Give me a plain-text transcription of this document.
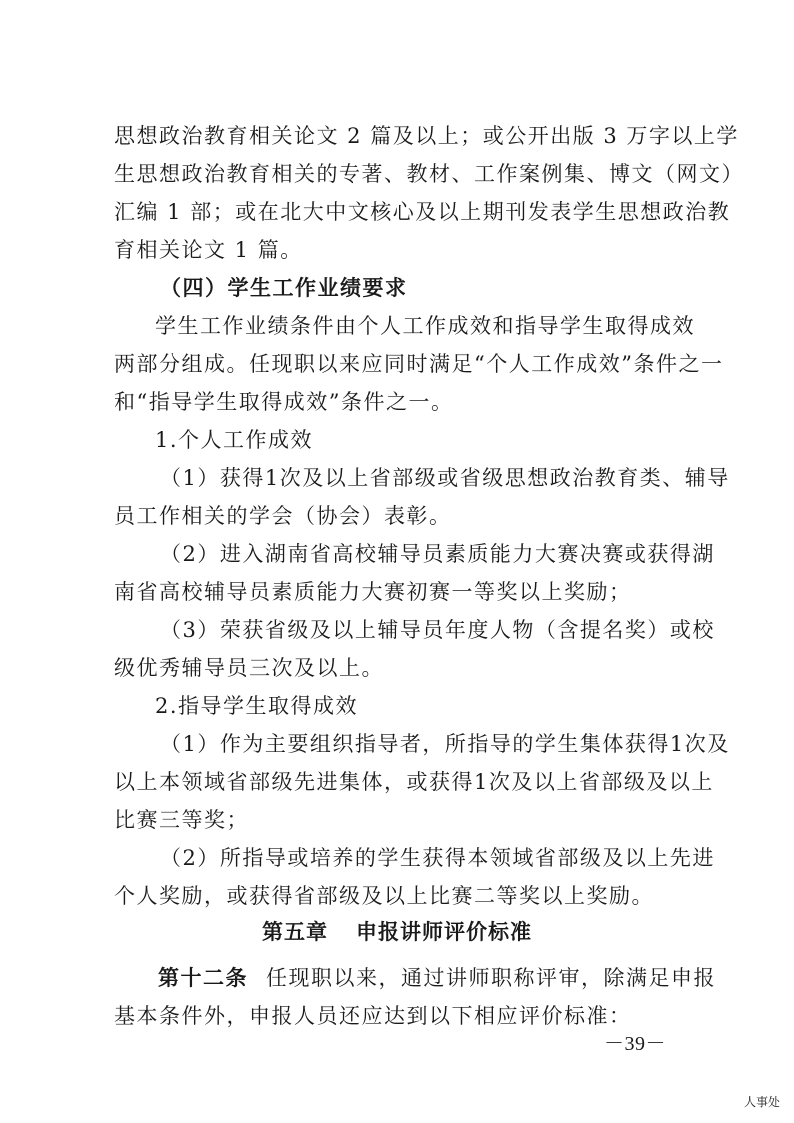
思想政治教育相关论文 2 篇及以上；或公开出版 3 万字以上学
生思想政治教育相关的专著、教材、工作案例集、博文（网文）
汇编 1 部；或在北大中文核心及以上期刊发表学生思想政治教
育相关论文 1 篇。
（四）学生工作业绩要求
学生工作业绩条件由个人工作成效和指导学生取得成效
两部分组成。任现职以来应同时满足“个人工作成效”条件之一
和“指导学生取得成效”条件之一。
1.个人工作成效
（1）获得1次及以上省部级或省级思想政治教育类、辅导
员工作相关的学会（协会）表彰。
（2）进入湖南省高校辅导员素质能力大赛决赛或获得湖
南省高校辅导员素质能力大赛初赛一等奖以上奖励；
（3）荣获省级及以上辅导员年度人物（含提名奖）或校
级优秀辅导员三次及以上。
2.指导学生取得成效
（1）作为主要组织指导者，所指导的学生集体获得1次及
以上本领域省部级先进集体，或获得1次及以上省部级及以上
比赛三等奖；
（2）所指导或培养的学生获得本领域省部级及以上先进
个人奖励，或获得省部级及以上比赛二等奖以上奖励。
第五章 申报讲师评价标准
第十二条 任现职以来，通过讲师职称评审，除满足申报
基本条件外，申报人员还应达到以下相应评价标准：
－39－
人事处
